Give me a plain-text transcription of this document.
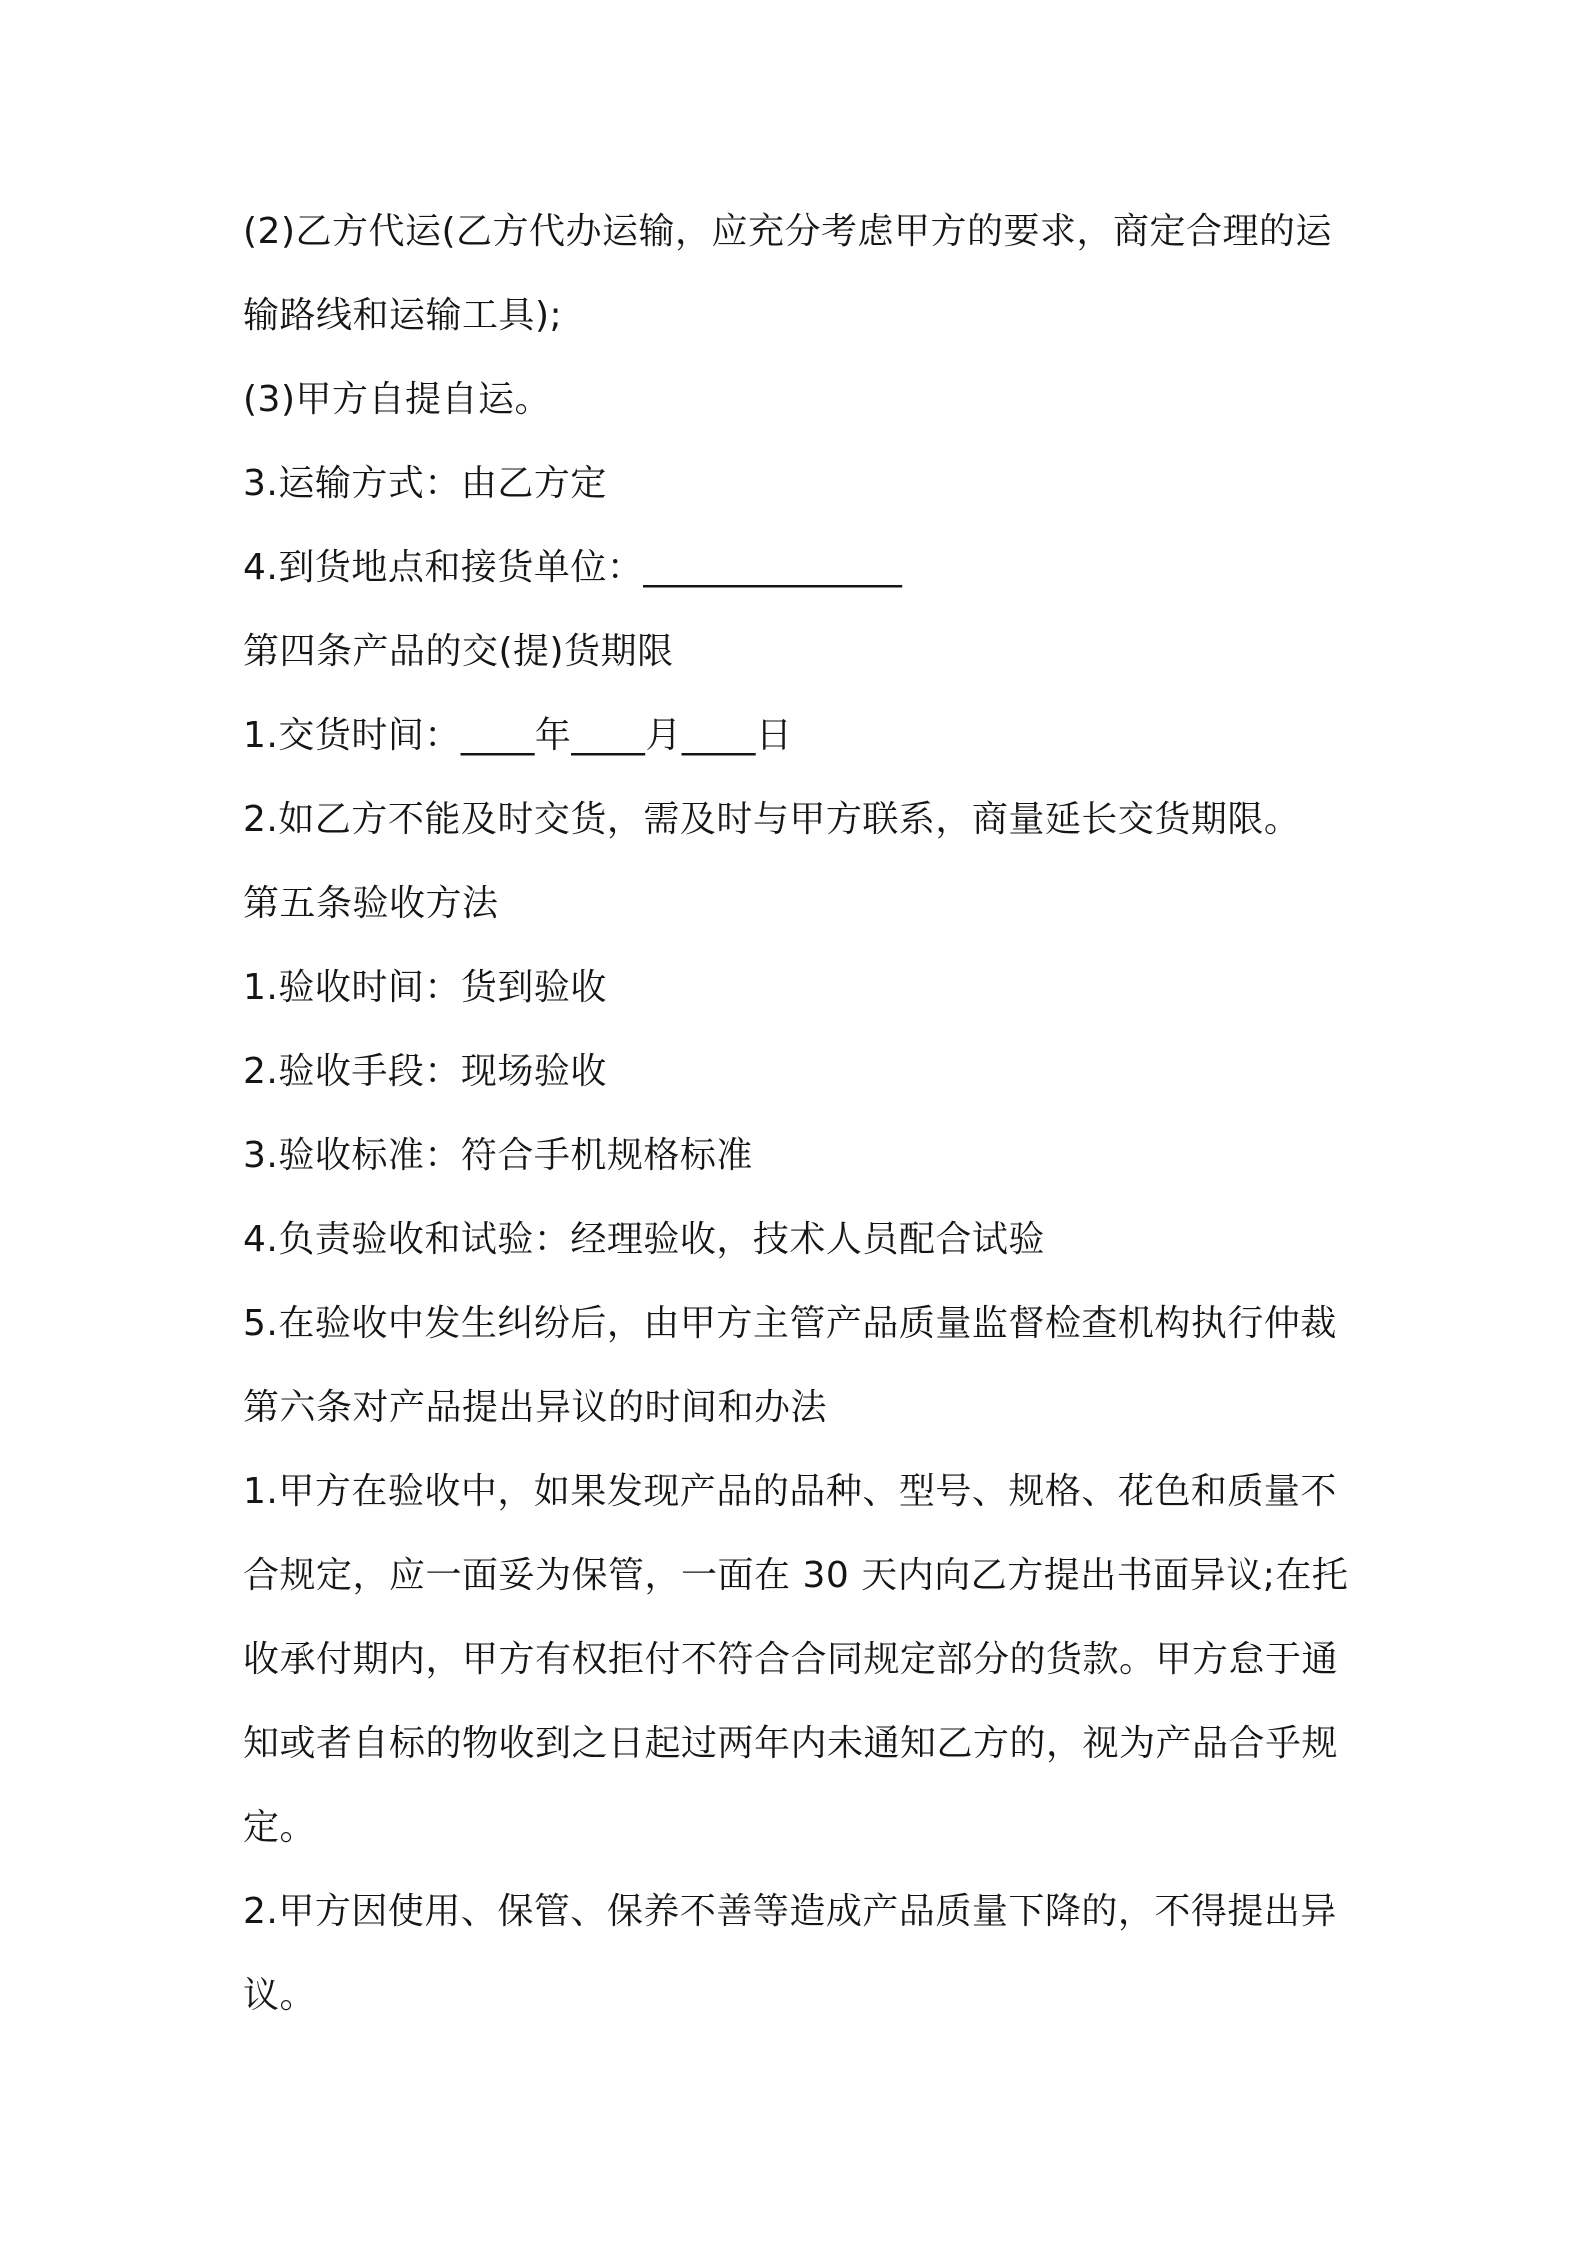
(2)乙方代运(乙方代办运输，应充分考虑甲方的要求，商定合理的运
输路线和运输工具);
(3)甲方自提自运。
3.运输方式：由乙方定
4.到货地点和接货单位：______________
第四条产品的交(提)货期限
1.交货时间：____年____月____日
2.如乙方不能及时交货，需及时与甲方联系，商量延长交货期限。
第五条验收方法
1.验收时间：货到验收
2.验收手段：现场验收
3.验收标准：符合手机规格标准
4.负责验收和试验：经理验收，技术人员配合试验
5.在验收中发生纠纷后，由甲方主管产品质量监督检查机构执行仲裁
第六条对产品提出异议的时间和办法
1.甲方在验收中，如果发现产品的品种、型号、规格、花色和质量不
合规定，应一面妥为保管，一面在 30 天内向乙方提出书面异议;在托
收承付期内，甲方有权拒付不符合合同规定部分的货款。甲方怠于通
知或者自标的物收到之日起过两年内未通知乙方的，视为产品合乎规
定。
2.甲方因使用、保管、保养不善等造成产品质量下降的，不得提出异
议。
